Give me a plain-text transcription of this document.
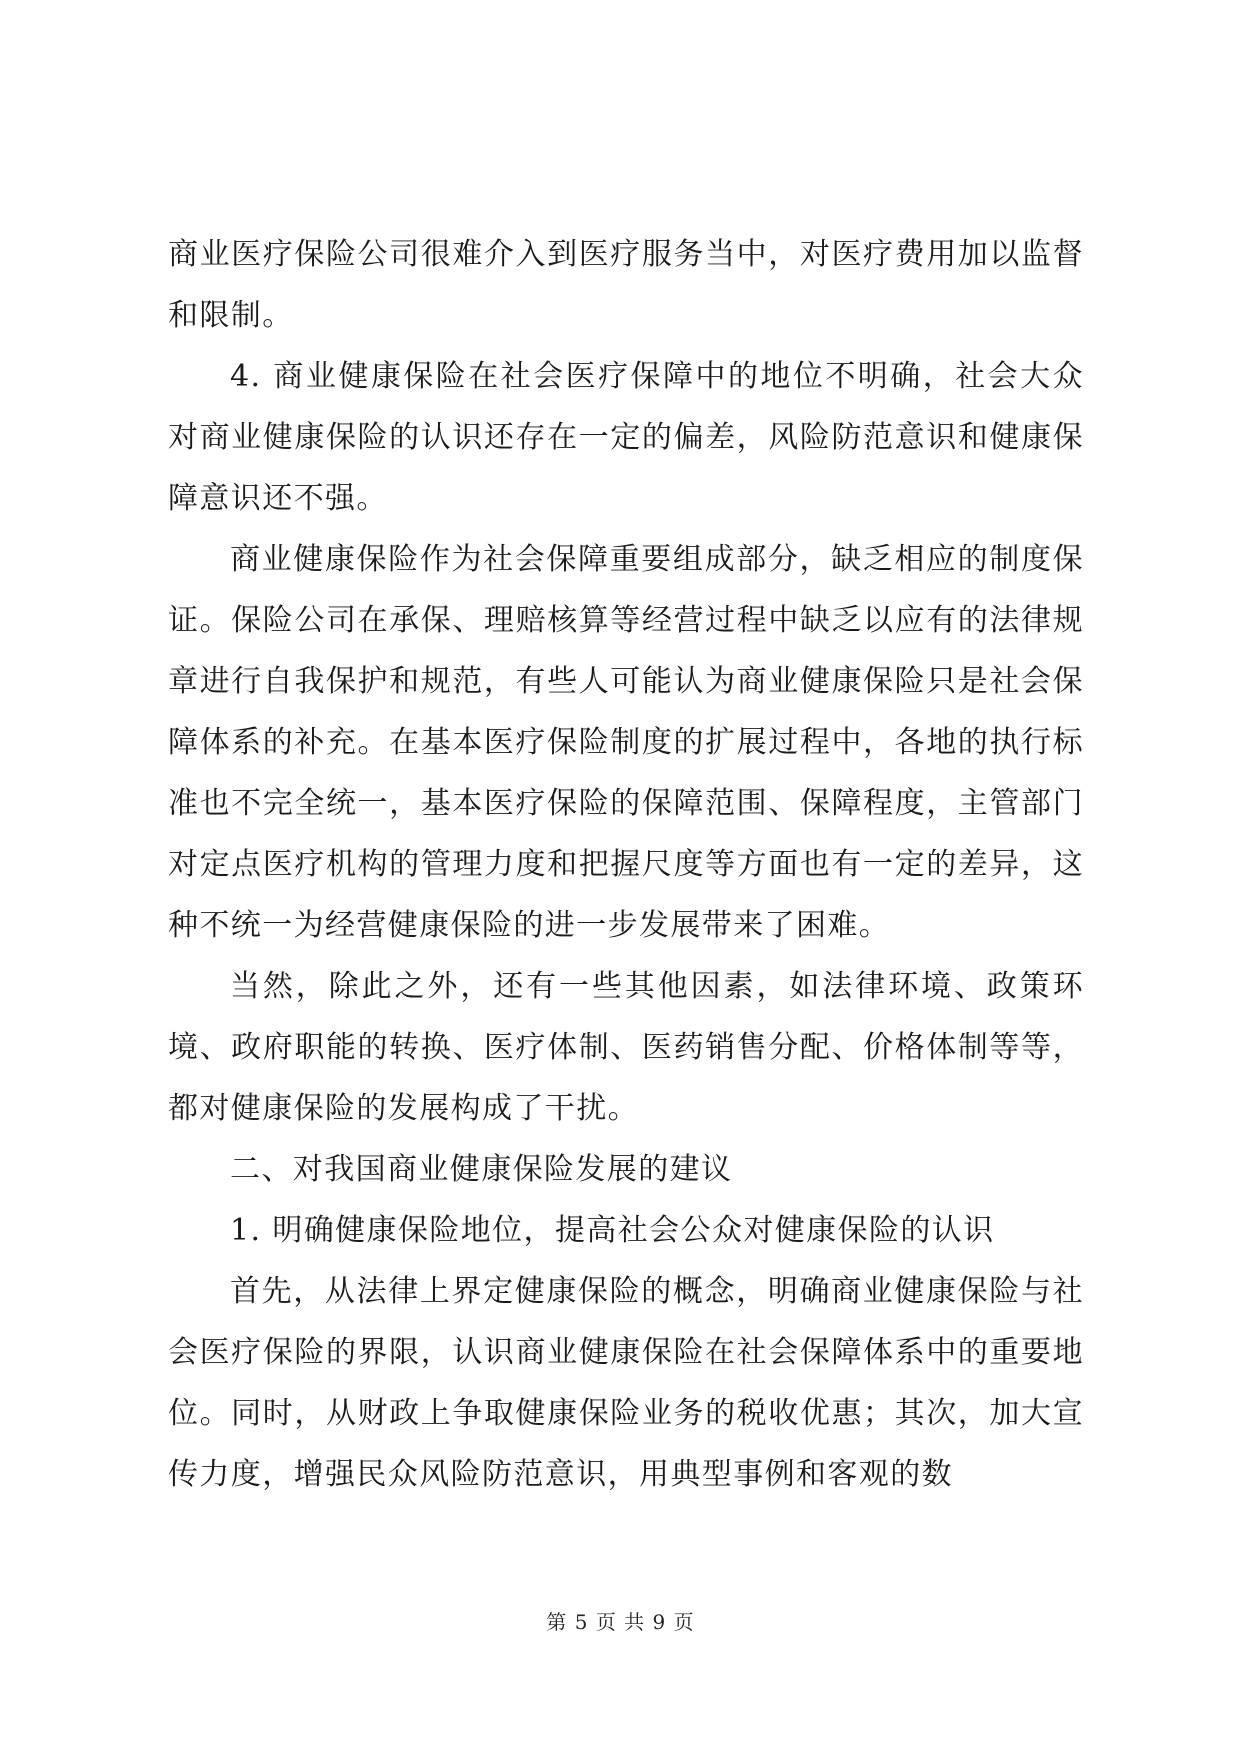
商业医疗保险公司很难介入到医疗服务当中，对医疗费用加以监督和限制。

4. 商业健康保险在社会医疗保障中的地位不明确，社会大众对商业健康保险的认识还存在一定的偏差，风险防范意识和健康保障意识还不强。

商业健康保险作为社会保障重要组成部分，缺乏相应的制度保证。保险公司在承保、理赔核算等经营过程中缺乏以应有的法律规章进行自我保护和规范，有些人可能认为商业健康保险只是社会保障体系的补充。在基本医疗保险制度的扩展过程中，各地的执行标准也不完全统一，基本医疗保险的保障范围、保障程度，主管部门对定点医疗机构的管理力度和把握尺度等方面也有一定的差异，这种不统一为经营健康保险的进一步发展带来了困难。

当然，除此之外，还有一些其他因素，如法律环境、政策环境、政府职能的转换、医疗体制、医药销售分配、价格体制等等，都对健康保险的发展构成了干扰。

二、对我国商业健康保险发展的建议

1. 明确健康保险地位，提高社会公众对健康保险的认识

首先，从法律上界定健康保险的概念，明确商业健康保险与社会医疗保险的界限，认识商业健康保险在社会保障体系中的重要地位。同时，从财政上争取健康保险业务的税收优惠；其次，加大宣传力度，增强民众风险防范意识，用典型事例和客观的数

第 5 页 共 9 页
